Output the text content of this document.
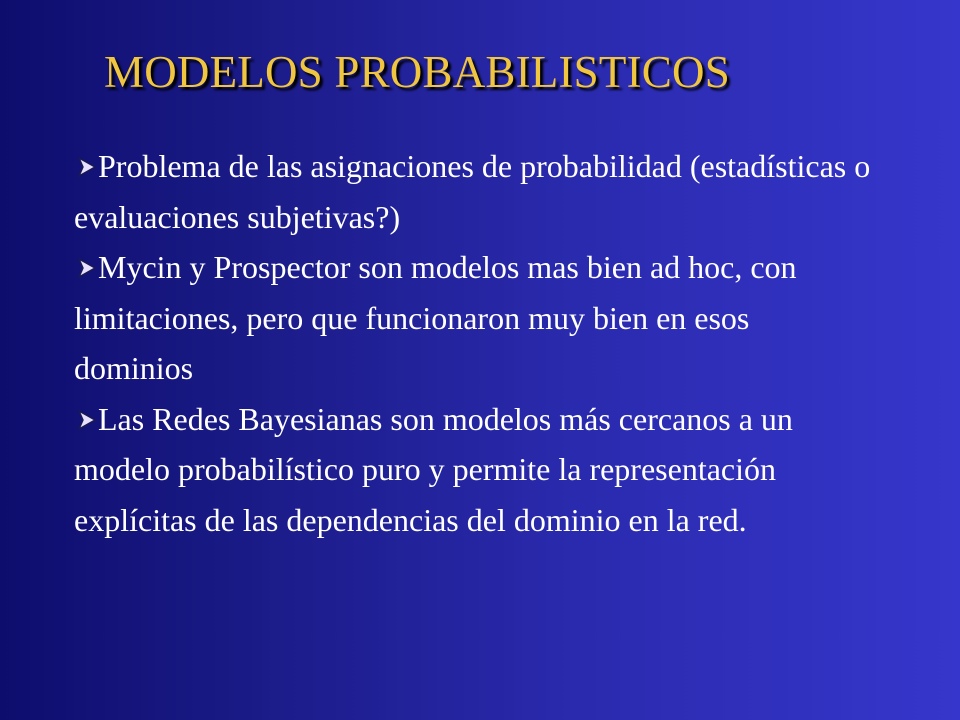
MODELOS PROBABILISTICOS
Problema de las asignaciones de probabilidad (estadísticas o evaluaciones subjetivas?)
Mycin y Prospector son modelos mas bien ad hoc, con limitaciones, pero que funcionaron muy bien en esos dominios
Las Redes Bayesianas son modelos más cercanos a un modelo probabilístico puro y permite la representación explícitas de las dependencias del dominio en la red.
